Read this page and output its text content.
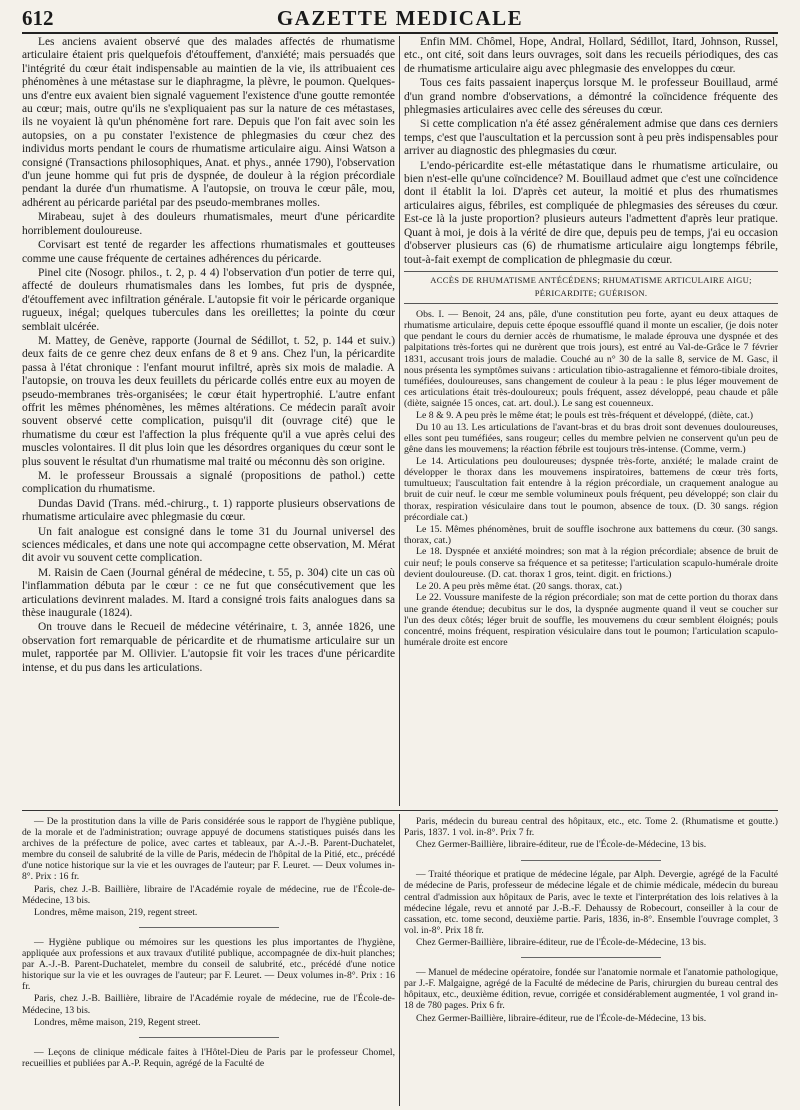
612	GAZETTE MEDICALE

Les anciens avaient observé que des malades affectés de rhumatisme articulaire étaient pris quelquefois d'étouffement, d'anxiété; mais persuadés que l'intégrité du cœur était indispensable au maintien de la vie, ils attribuaient ces phénomènes à une métastase sur le diaphragme, la plèvre, le poumon. Quelques-uns d'entre eux avaient bien signalé vaguement l'existence d'une goutte remontée au cœur; mais, outre qu'ils ne s'expliquaient pas sur la nature de ces métastases, ils ne voyaient là qu'un phénomène fort rare. Depuis que l'on fait avec soin les autopsies, on a pu constater l'existence de phlegmasies du cœur chez des individus morts pendant le cours de rhumatisme articulaire aigu. Ainsi Watson a consigné (Transactions philosophiques, Anat. et phys., année 1790), l'observation d'un jeune homme qui fut pris de dyspnée, de douleur à la région précordiale pendant la durée d'un rhumatisme. A l'autopsie, on trouva le cœur pâle, mou, adhérent au péricarde pariétal par des pseudo-membranes molles.

Mirabeau, sujet à des douleurs rhumatismales, meurt d'une péricardite horriblement douloureuse.

Corvisart est tenté de regarder les affections rhumatismales et goutteuses comme une cause fréquente de certaines adhérences du péricarde.

Pinel cite (Nosogr. philos., t. 2, p. 4 4) l'observation d'un potier de terre qui, affecté de douleurs rhumatismales dans les lombes, fut pris de dyspnée, d'étouffement avec infiltration générale. L'autopsie fit voir le péricarde organique rugueux, inégal; quelques tubercules dans les oreillettes; la pointe du cœur semblait ulcérée.

M. Mattey, de Genève, rapporte (Journal de Sédillot, t. 52, p. 144 et suiv.) deux faits de ce genre chez deux enfans de 8 et 9 ans. Chez l'un, la péricardite passa à l'état chronique : l'enfant mourut infiltré, après six mois de maladie. A l'autopsie, on trouva les deux feuillets du péricarde collés entre eux au moyen de pseudo-membranes très-organisées; le cœur était hypertrophié. L'autre enfant offrit les mêmes phénomènes, les mêmes altérations. Ce médecin paraît avoir souvent observé cette complication, puisqu'il dit (ouvrage cité) que le rhumatisme du cœur est l'affection la plus fréquente qu'il a vue après celui des muscles volontaires. Il dit plus loin que les désordres organiques du cœur sont le plus souvent le résultat d'un rhumatisme mal traité ou méconnu dès son origine.

M. le professeur Broussais a signalé (propositions de pathol.) cette complication du rhumatisme.

Dundas David (Trans. méd.-chirurg., t. 1) rapporte plusieurs observations de rhumatisme articulaire avec phlegmasie du cœur.

Un fait analogue est consigné dans le tome 31 du Journal universel des sciences médicales, et dans une note qui accompagne cette observation, M. Mérat dit avoir vu souvent cette complication.

M. Raisin de Caen (Journal général de médecine, t. 55, p. 304) cite un cas où l'inflammation débuta par le cœur : ce ne fut que consécutivement que les articulations devinrent malades. M. Itard a consigné trois faits analogues dans sa thèse inaugurale (1824).

On trouve dans le Recueil de médecine vétérinaire, t. 3, année 1826, une observation fort remarquable de péricardite et de rhumatisme articulaire sur un mulet, rapportée par M. Ollivier. L'autopsie fit voir les traces d'une péricardite intense, et du pus dans les articulations.

Enfin MM. Chômel, Hope, Andral, Hollard, Sédillot, Itard, Johnson, Russel, etc., ont cité, soit dans leurs ouvrages, soit dans les recueils périodiques, des cas de rhumatisme articulaire aigu avec phlegmasie des enveloppes du cœur.

Tous ces faits passaient inaperçus lorsque M. le professeur Bouillaud, armé d'un grand nombre d'observations, a démontré la coïncidence fréquente des phlegmasies articulaires avec celle des séreuses du cœur.

Si cette complication n'a été assez généralement admise que dans ces derniers temps, c'est que l'auscultation et la percussion sont à peu près indispensables pour arriver au diagnostic des phlegmasies du cœur.

L'endo-péricardite est-elle métastatique dans le rhumatisme articulaire, ou bien n'est-elle qu'une coïncidence? M. Bouillaud admet que c'est une coïncidence dont il établit la loi. D'après cet auteur, la moitié et plus des rhumatismes articulaires aigus, fébriles, est compliquée de phlegmasies des séreuses du cœur. Est-ce là la juste proportion? plusieurs auteurs l'admettent d'après leur pratique. Quant à moi, je dois à la vérité de dire que, depuis peu de temps, j'ai eu occasion d'observer plusieurs cas (6) de rhumatisme articulaire aigu longtemps fébrile, tout-à-fait exempt de complication de phlegmasie du cœur.

ACCÈS DE RHUMATISME ANTÉCÉDENS; RHUMATISME ARTICULAIRE AIGU; PÉRICARDITE; GUÉRISON.

Obs. I. — Benoit, 24 ans, pâle, d'une constitution peu forte, ayant eu deux attaques de rhumatisme articulaire, depuis cette époque essoufflé quand il monte un escalier, (je dois noter que pendant le cours du dernier accès de rhumatisme, le malade éprouva une dyspnée et des palpitations très-fortes qui ne durèrent que trois jours), est entré au Val-de-Grâce le 7 février 1831, accusant trois jours de maladie. Couché au n° 30 de la salle 8, service de M. Gasc, il nous présenta les symptômes suivans : articulation tibio-astragalienne et fémoro-tibiale droites, tuméfiées, douloureuses, sans changement de couleur à la peau : le plus léger mouvement de ces articulations était très-douloureux; pouls fréquent, assez développé, peau chaude et pâle (diète, saignée 15 onces, cat. art. doul.). Le sang est couenneux.

Le 8 & 9. A peu près le même état; le pouls est très-fréquent et développé, (diète, cat.)

Du 10 au 13. Les articulations de l'avant-bras et du bras droit sont devenues douloureuses, elles sont peu tuméfiées, sans rougeur; celles du membre pelvien ne conservent qu'un peu de gêne dans les mouvemens; la réaction fébrile est toujours très-intense. (Comme, verm.)

Le 14. Articulations peu douloureuses; dyspnée très-forte, anxiété; le malade craint de développer le thorax dans les mouvemens inspiratoires, battemens de cœur très forts, tumultueux; l'auscultation fait entendre à la région précordiale, un craquement analogue au bruit de cuir neuf. le cœur me semble volumineux pouls fréquent, peu développé; son clair du thorax, respiration vésiculaire dans tout le poumon, absence de toux. (D. 30 sangs. région précordiale cat.)

Le 15. Mêmes phénomènes, bruit de souffle isochrone aux battemens du cœur. (30 sangs. thorax, cat.)

Le 18. Dyspnée et anxiété moindres; son mat à la région précordiale; absence de bruit de cuir neuf; le pouls conserve sa fréquence et sa petitesse; l'articulation scapulo-humérale droite devient douloureuse. (D. cat. thorax 1 gros, teint. digit. en frictions.)

Le 20. A peu près même état. (20 sangs. thorax, cat.)

Le 22. Voussure manifeste de la région précordiale; son mat de cette portion du thorax dans une grande étendue; decubitus sur le dos, la dyspnée augmente quand il veut se coucher sur l'un des deux côtés; léger bruit de souffle, les mouvemens du cœur semblent éloignés; pouls concentré, moins fréquent, respiration vésiculaire dans tout le poumon; l'articulation scapulo-humérale droite est encore

— De la prostitution dans la ville de Paris considérée sous le rapport de l'hygiène publique, de la morale et de l'administration; ouvrage appuyé de documens statistiques puisés dans les archives de la préfecture de police, avec cartes et tableaux, par A.-J.-B. Parent-Duchatelet, membre du conseil de salubrité de la ville de Paris, médecin de l'hôpital de la Pitié, etc., précédé d'une notice historique sur la vie et les ouvrages de l'auteur; par F. Leuret. — Deux volumes in-8°. Prix : 16 fr.

Paris, chez J.-B. Baillière, libraire de l'Académie royale de médecine, rue de l'École-de-Médecine, 13 bis.

Londres, même maison, 219, regent street.

— Hygiène publique ou mémoires sur les questions les plus importantes de l'hygiène, appliquée aux professions et aux travaux d'utilité publique, accompagnée de dix-huit planches; par A.-J.-B. Parent-Duchatelet, membre du conseil de salubrité, etc., précédé d'une notice historique sur la vie et les ouvrages de l'auteur; par F. Leuret. — Deux volumes in-8°. Prix : 16 fr.

Paris, chez J.-B. Baillière, libraire de l'Académie royale de médecine, rue de l'École-de-Médecine, 13 bis.

Londres, même maison, 219, Regent street.

— Leçons de clinique médicale faites à l'Hôtel-Dieu de Paris par le professeur Chomel, recueillies et publiées par A.-P. Requin, agrégé de la Faculté de

Paris, médecin du bureau central des hôpitaux, etc., etc. Tome 2. (Rhumatisme et goutte.) Paris, 1837. 1 vol. in-8°. Prix 7 fr.

Chez Germer-Baillière, libraire-éditeur, rue de l'École-de-Médecine, 13 bis.

— Traité théorique et pratique de médecine légale, par Alph. Devergie, agrégé de la Faculté de médecine de Paris, professeur de médecine légale et de chimie médicale, médecin du bureau central d'admission aux hôpitaux de Paris, avec le texte et l'interprétation des lois relatives à la médecine légale, revu et annoté par J.-B.-F. Dehaussy de Robecourt, conseiller à la cour de cassation, etc. tome second, deuxième partie. Paris, 1836, in-8°. Ensemble l'ouvrage complet, 3 vol. in-8°. Prix 18 fr.

Chez Germer-Baillière, libraire-éditeur, rue de l'École-de-Médecine, 13 bis.

— Manuel de médecine opératoire, fondée sur l'anatomie normale et l'anatomie pathologique, par J.-F. Malgaigne, agrégé de la Faculté de médecine de Paris, chirurgien du bureau central des hôpitaux, etc., deuxième édition, revue, corrigée et considérablement augmentée, 1 vol grand in-18 de 780 pages. Prix 6 fr.

Chez Germer-Baillière, libraire-éditeur, rue de l'École-de-Médecine, 13 bis.
